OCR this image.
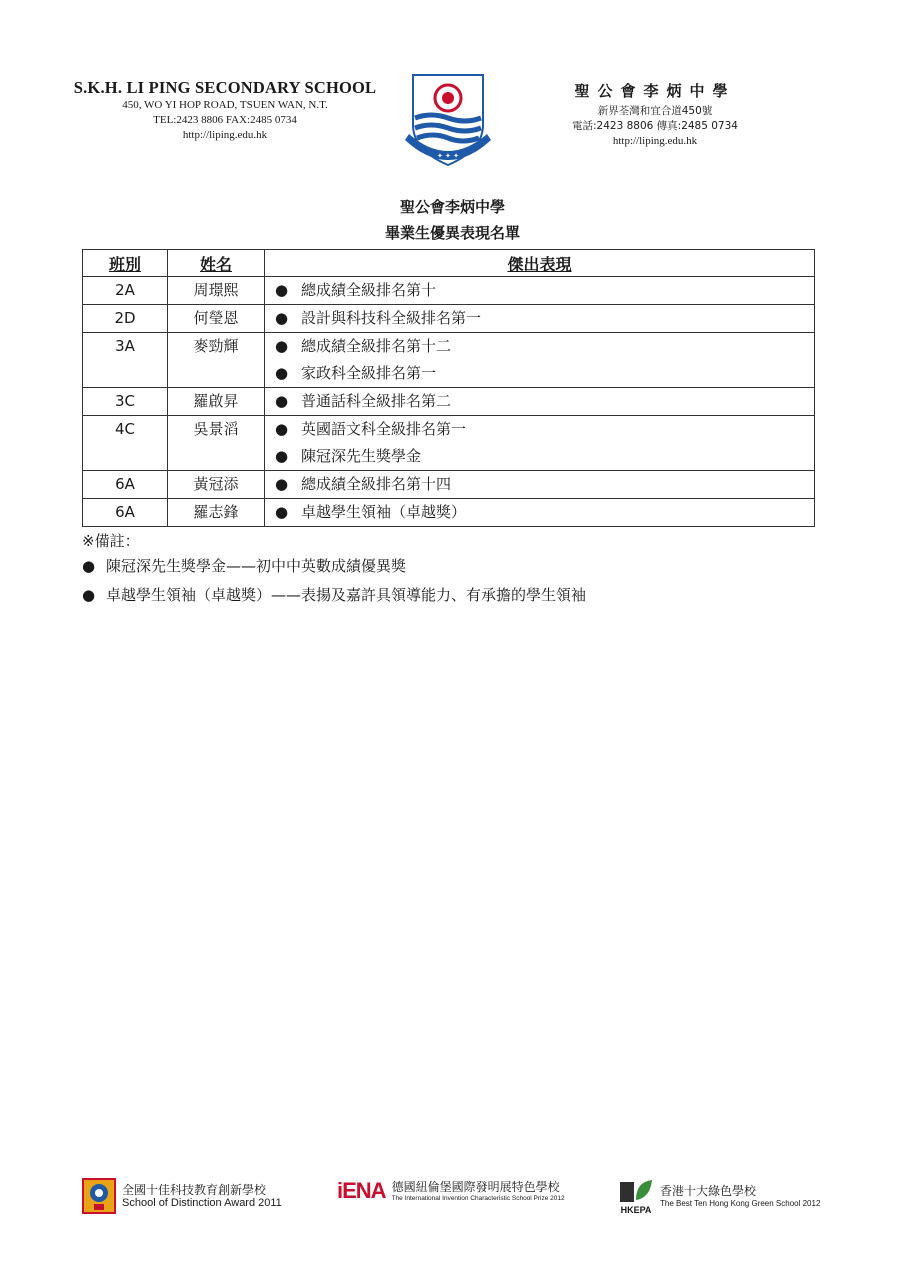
S.K.H. LI PING SECONDARY SCHOOL
450, WO YI HOP ROAD, TSUEN WAN, N.T.
TEL:2423 8806 FAX:2485 0734
http://liping.edu.hk
✦ ✦ ✦
聖公會李炳中學
新界荃灣和宜合道450號
電話:2423 8806 傳真:2485 0734
http://liping.edu.hk
聖公會李炳中學
畢業生優異表現名單
班別	姓名	傑出表現
2A	周璟熙	● 總成績全級排名第十

2D	何瑩恩	● 設計與科技科全級排名第一

3A	麥勁輝	● 總成績全級排名第十二
● 家政科全級排名第一

3C	羅啟昇	● 普通話科全級排名第二

4C	吳景滔	● 英國語文科全級排名第一
● 陳冠深先生獎學金

6A	黃冠添	● 總成績全級排名第十四

6A	羅志鋒	● 卓越學生領袖（卓越獎）
※備註：
● 陳冠深先生獎學金——初中中英數成績優異獎
● 卓越學生領袖（卓越獎）——表揚及嘉許具領導能力、有承擔的學生領袖
全國十佳科技教育創新學校
School of Distinction Award 2011	iENA 德國紐倫堡國際發明展特色學校
The International Invention Characteristic School Prize 2012
HKEPA
香港十大綠色學校
The Best Ten Hong Kong Green School 2012
